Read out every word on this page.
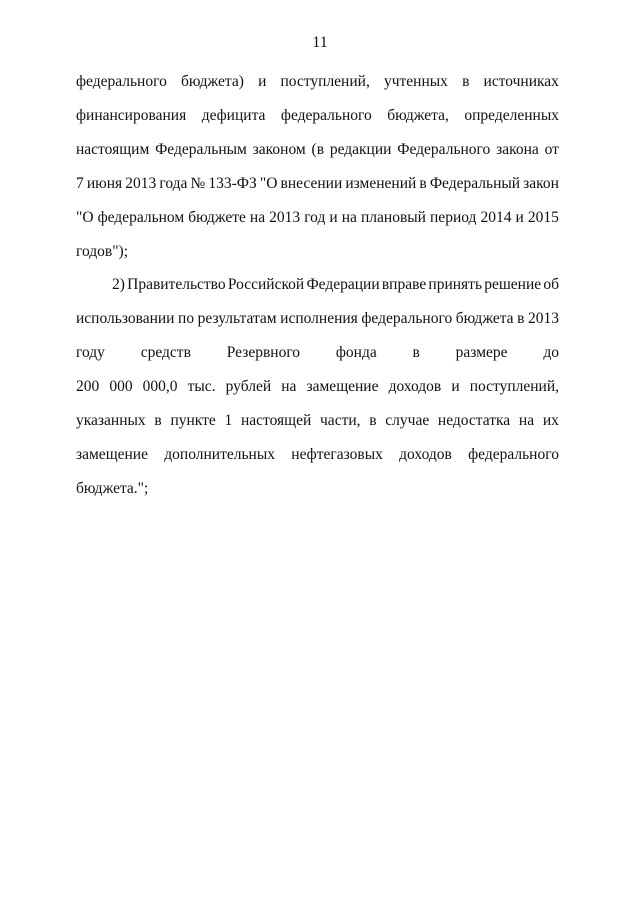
11
федерального бюджета) и поступлений, учтенных в источниках
финансирования дефицита федерального бюджета, определенных
настоящим Федеральным законом (в редакции Федерального закона от
7 июня 2013 года № 133-ФЗ "О внесении изменений в Федеральный закон
"О федеральном бюджете на 2013 год и на плановый период 2014 и 2015
годов");
2) Правительство Российской Федерации вправе принять решение об
использовании по результатам исполнения федерального бюджета в 2013
году средств Резервного фонда в размере до
200 000 000,0 тыс. рублей на замещение доходов и поступлений,
указанных в пункте 1 настоящей части, в случае недостатка на их
замещение дополнительных нефтегазовых доходов федерального
бюджета.";
